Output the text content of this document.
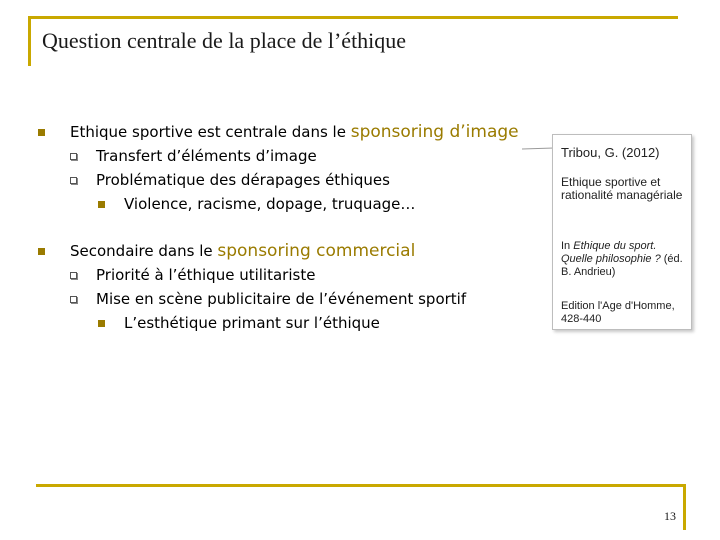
Question centrale de la place de l’éthique
Ethique sportive est centrale dans le sponsoring d’image
Transfert d’éléments d’image
Problématique des dérapages éthiques
Violence, racisme, dopage, truquage…
Secondaire dans le sponsoring commercial
Priorité à l’éthique utilitariste
Mise en scène publicitaire de l’événement sportif
L’esthétique primant sur l’éthique
Tribou, G. (2012)
Ethique sportive et rationalité managériale
In Ethique du sport. Quelle philosophie ? (éd. B. Andrieu)
Edition l'Age d'Homme, 428-440
13
